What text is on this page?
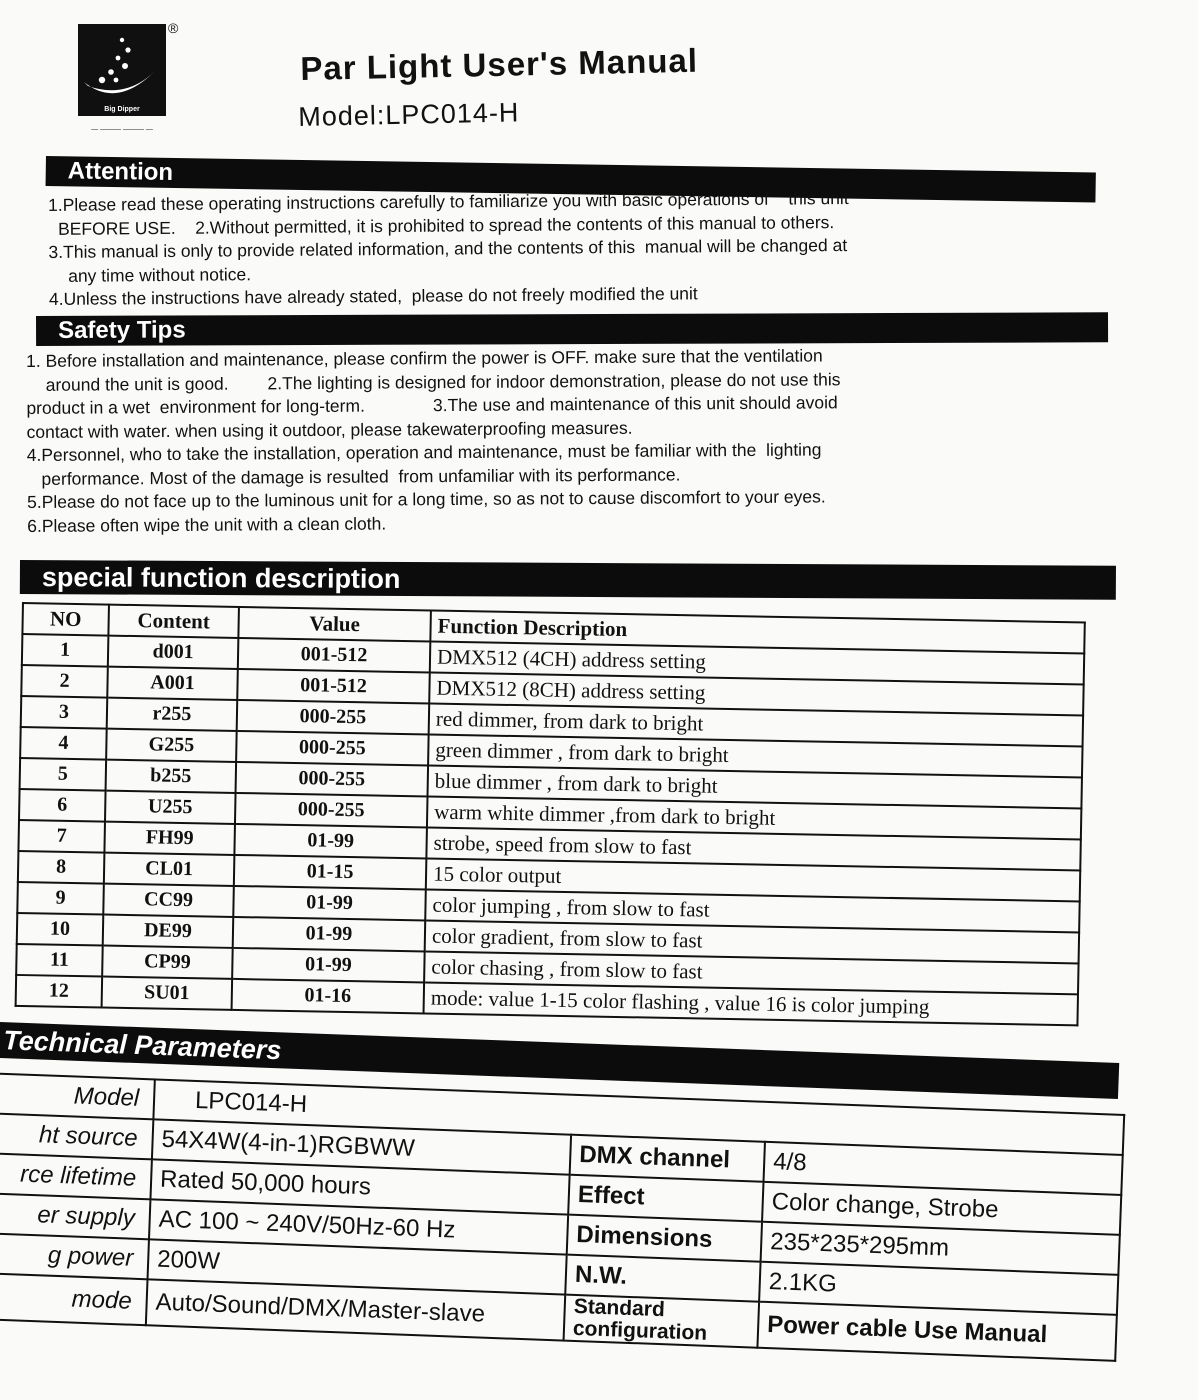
Big Dipper
— ——— ——— —
®
Par Light User's Manual
Model:LPC014-H
Attention
1.Please read these operating instructions carefully to familiarize you with basic operations of    this unit
BEFORE USE.    2.Without permitted, it is prohibited to spread the contents of this manual to others.
3.This manual is only to provide related information, and the contents of this  manual will be changed at
any time without notice.
4.Unless the instructions have already stated,  please do not freely modified the unit
Safety Tips
1. Before installation and maintenance, please confirm the power is OFF. make sure that the ventilation
around the unit is good.        2.The lighting is designed for indoor demonstration, please do not use this
product in a wet  environment for long-term.              3.The use and maintenance of this unit should avoid
contact with water. when using it outdoor, please takewaterproofing measures.
4.Personnel, who to take the installation, operation and maintenance, must be familiar with the  lighting
performance. Most of the damage is resulted  from unfamiliar with its performance.
5.Please do not face up to the luminous unit for a long time, so as not to cause discomfort to your eyes.
6.Please often wipe the unit with a clean cloth.
special function description
NO	Content	Value	Function Description
1	d001	001-512	DMX512 (4CH) address setting
2	A001	001-512	DMX512 (8CH) address setting
3	r255	000-255	red dimmer, from dark to bright
4	G255	000-255	green dimmer , from dark to bright
5	b255	000-255	blue dimmer , from dark to bright
6	U255	000-255	warm white dimmer ,from dark to bright
7	FH99	01-99	strobe, speed from slow to fast
8	CL01	01-15	15 color output
9	CC99	01-99	color jumping , from slow to fast
10	DE99	01-99	color gradient, from slow to fast
11	CP99	01-99	color chasing , from slow to fast
12	SU01	01-16	mode: value 1-15 color flashing , value 16 is color jumping
Technical Parameters
Model	LPC014-H		
ht source	54X4W(4-in-1)RGBWW	DMX channel	4/8
rce lifetime	Rated 50,000 hours	Effect	Color change, Strobe
er supply	AC 100 ~ 240V/50Hz-60 Hz	Dimensions	235*235*295mm
g power	200W	N.W.	2.1KG
mode	Auto/Sound/DMX/Master-slave	Standard configuration	Power cable Use Manual
